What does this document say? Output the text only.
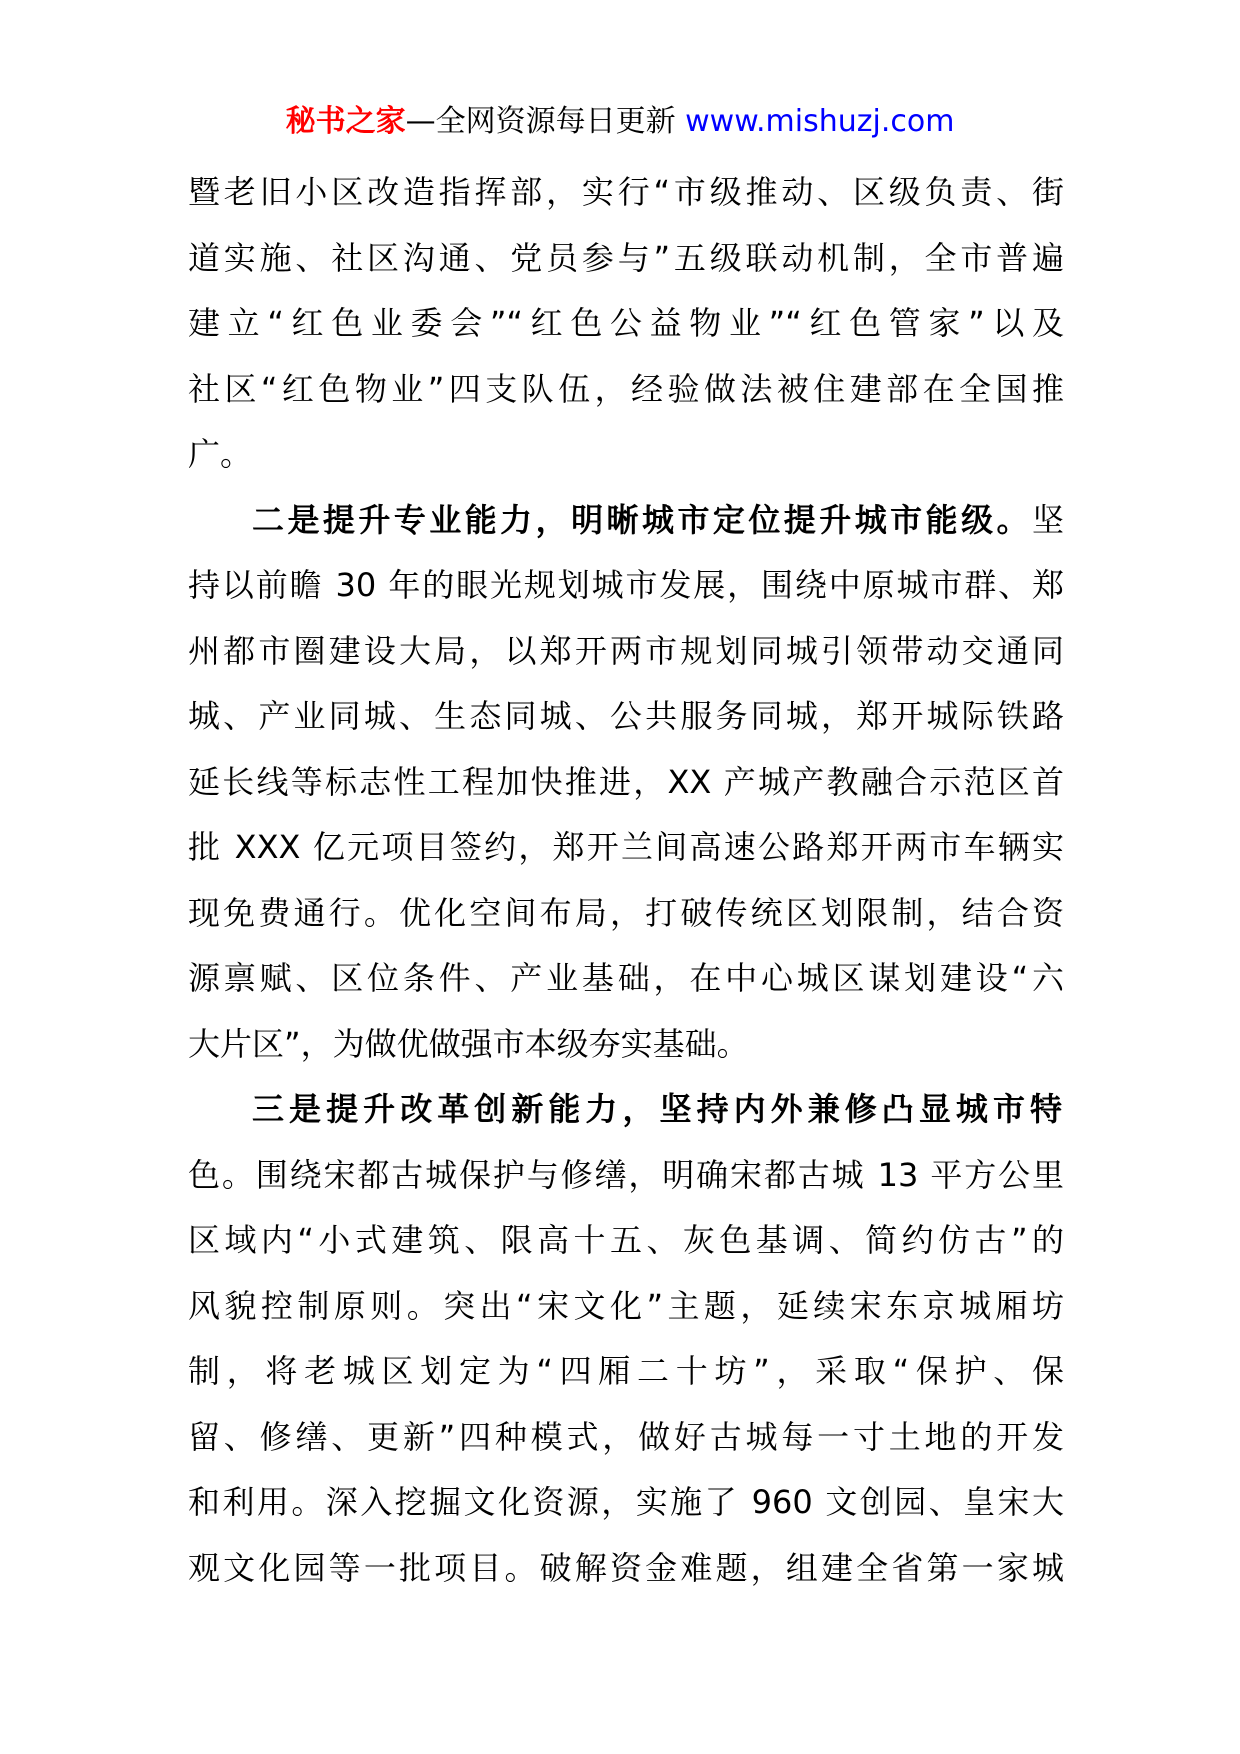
秘书之家—全网资源每日更新 www.mishuzj.com
暨老旧小区改造指挥部，实行“市级推动、区级负责、街
道实施、社区沟通、党员参与”五级联动机制，全市普遍
建立“红色业委会”“红色公益物业”“红色管家”以及
社区“红色物业”四支队伍，经验做法被住建部在全国推
广。
二是提升专业能力，明晰城市定位提升城市能级。坚
持以前瞻 30 年的眼光规划城市发展，围绕中原城市群、郑
州都市圈建设大局，以郑开两市规划同城引领带动交通同
城、产业同城、生态同城、公共服务同城，郑开城际铁路
延长线等标志性工程加快推进，XX 产城产教融合示范区首
批 XXX 亿元项目签约，郑开兰间高速公路郑开两市车辆实
现免费通行。优化空间布局，打破传统区划限制，结合资
源禀赋、区位条件、产业基础，在中心城区谋划建设“六
大片区”，为做优做强市本级夯实基础。
三是提升改革创新能力，坚持内外兼修凸显城市特
色。围绕宋都古城保护与修缮，明确宋都古城 13 平方公里
区域内“小式建筑、限高十五、灰色基调、简约仿古”的
风貌控制原则。突出“宋文化”主题，延续宋东京城厢坊
制，将老城区划定为“四厢二十坊”，采取“保护、保
留、修缮、更新”四种模式，做好古城每一寸土地的开发
和利用。深入挖掘文化资源，实施了 960 文创园、皇宋大
观文化园等一批项目。破解资金难题，组建全省第一家城
